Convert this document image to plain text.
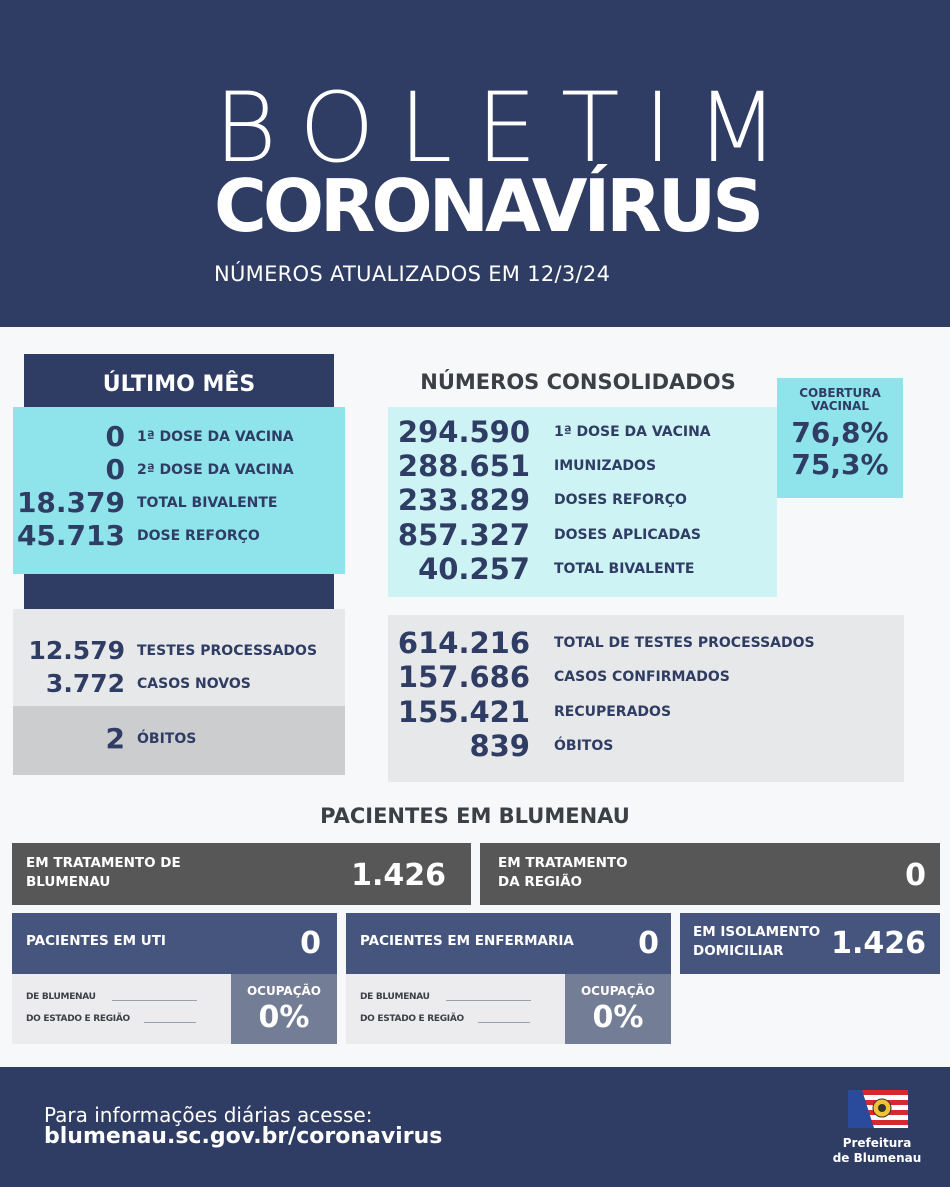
BOLETIM
CORONAVÍRUS
NÚMEROS ATUALIZADOS EM 12/3/24
ÚLTIMO MÊS
0 1ª DOSE DA VACINA
0 2ª DOSE DA VACINA
18.379 TOTAL BIVALENTE
45.713 DOSE REFORÇO
12.579 TESTES PROCESSADOS
3.772 CASOS NOVOS
2 ÓBITOS
NÚMEROS CONSOLIDADOS
294.590 1ª DOSE DA VACINA
288.651 IMUNIZADOS
233.829 DOSES REFORÇO
857.327 DOSES APLICADAS
40.257 TOTAL BIVALENTE
COBERTURA VACINAL
76,8%
75,3%
614.216 TOTAL DE TESTES PROCESSADOS
157.686 CASOS CONFIRMADOS
155.421 RECUPERADOS
839 ÓBITOS
PACIENTES EM BLUMENAU
EM TRATAMENTO DE BLUMENAU	1.426	EM TRATAMENTO DA REGIÃO	0
PACIENTES EM UTI	0
DE BLUMENAU
DO ESTADO E REGIÃO
OCUPAÇÃO
0%
PACIENTES EM ENFERMARIA 0
DE BLUMENAU
DO ESTADO E REGIÃO
OCUPAÇÃO
0%
EM ISOLAMENTO DOMICILIAR	1.426
Para informações diárias acesse:
blumenau.sc.gov.br/coronavirus	Prefeitura
de Blumenau
